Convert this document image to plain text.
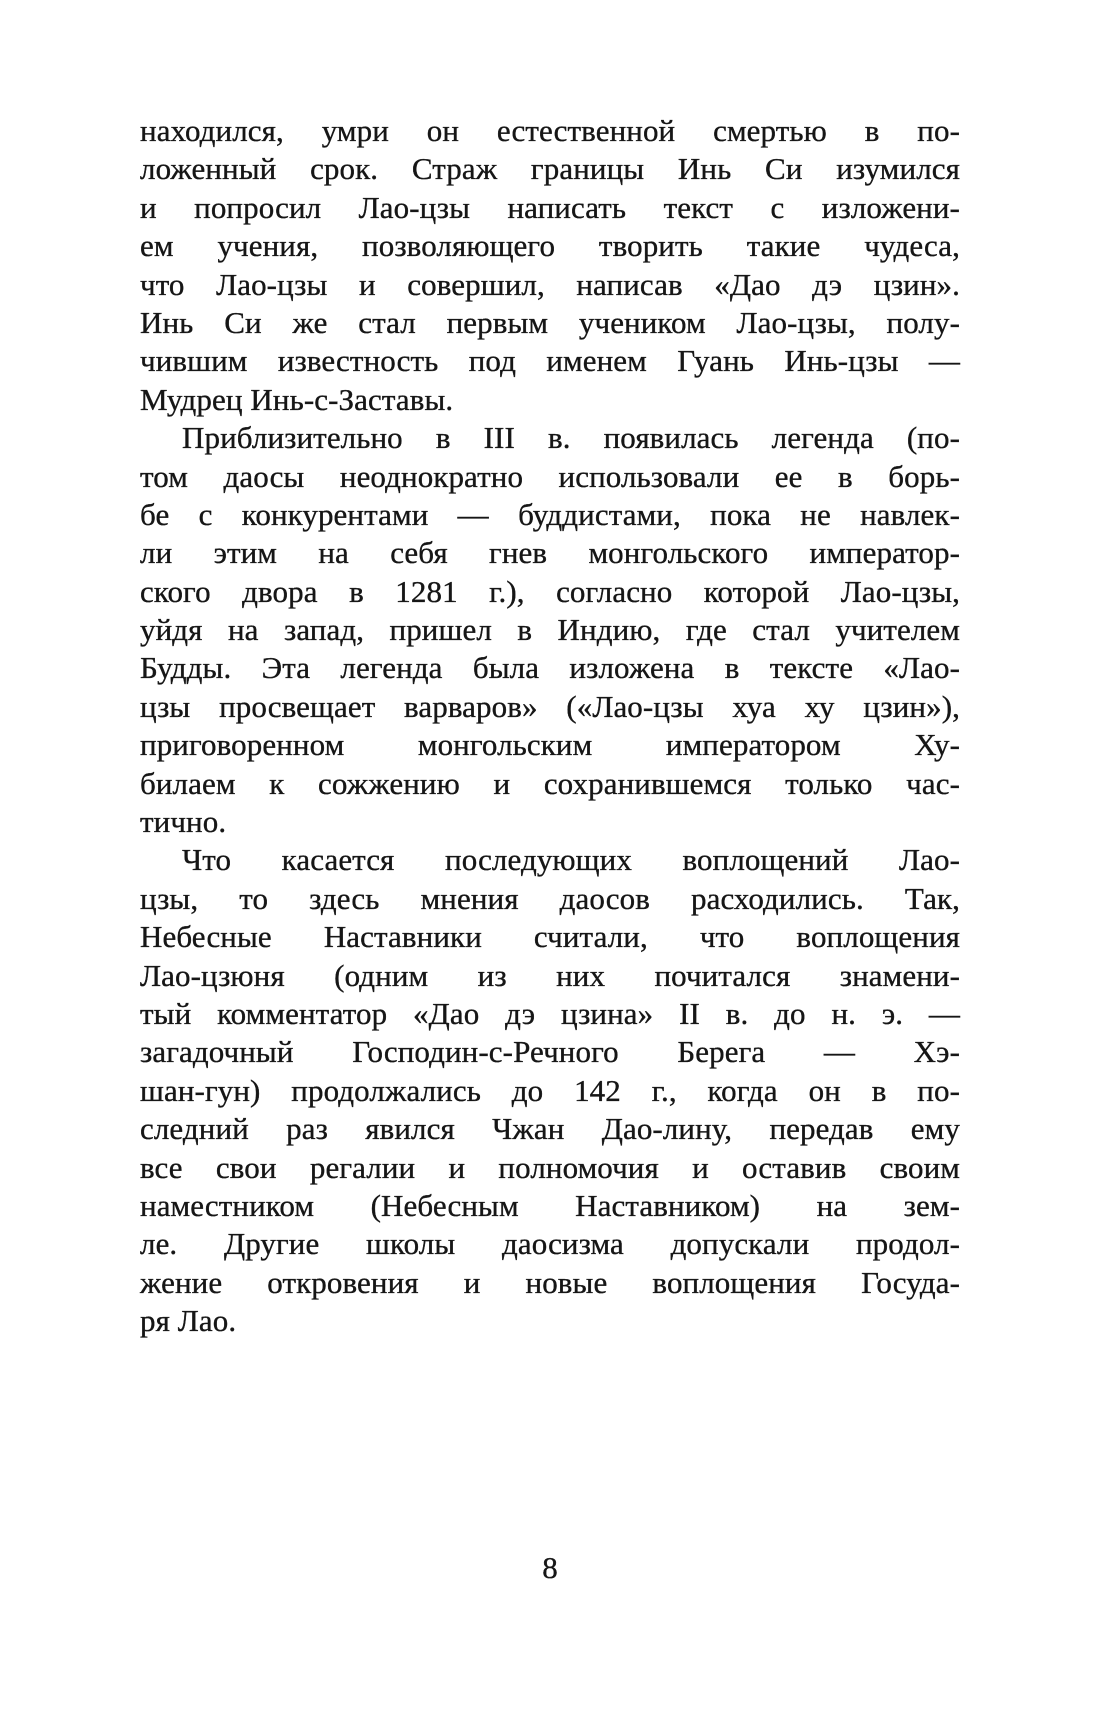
находился, умри он естественной смертью в по-
ложенный срок. Страж границы Инь Си изумился
и попросил Лао-цзы написать текст с изложени-
ем учения, позволяющего творить такие чудеса,
что Лао-цзы и совершил, написав «Дао дэ цзин».
Инь Си же стал первым учеником Лао-цзы, полу-
чившим известность под именем Гуань Инь-цзы —
Мудрец Инь-с-Заставы.
Приблизительно в III в. появилась легенда (по-
том даосы неоднократно использовали ее в борь-
бе с конкурентами — буддистами, пока не навлек-
ли этим на себя гнев монгольского император-
ского двора в 1281 г.), согласно которой Лао-цзы,
уйдя на запад, пришел в Индию, где стал учителем
Будды. Эта легенда была изложена в тексте «Лао-
цзы просвещает варваров» («Лао-цзы хуа ху цзин»),
приговоренном монгольским императором Ху-
билаем к сожжению и сохранившемся только час-
тично.
Что касается последующих воплощений Лао-
цзы, то здесь мнения даосов расходились. Так,
Небесные Наставники считали, что воплощения
Лао-цзюня (одним из них почитался знамени-
тый комментатор «Дао дэ цзина» II в. до н. э. —
загадочный Господин-с-Речного Берега — Хэ-
шан-гун) продолжались до 142 г., когда он в по-
следний раз явился Чжан Дао-лину, передав ему
все свои регалии и полномочия и оставив своим
наместником (Небесным Наставником) на зем-
ле. Другие школы даосизма допускали продол-
жение откровения и новые воплощения Госуда-
ря Лао.
8
